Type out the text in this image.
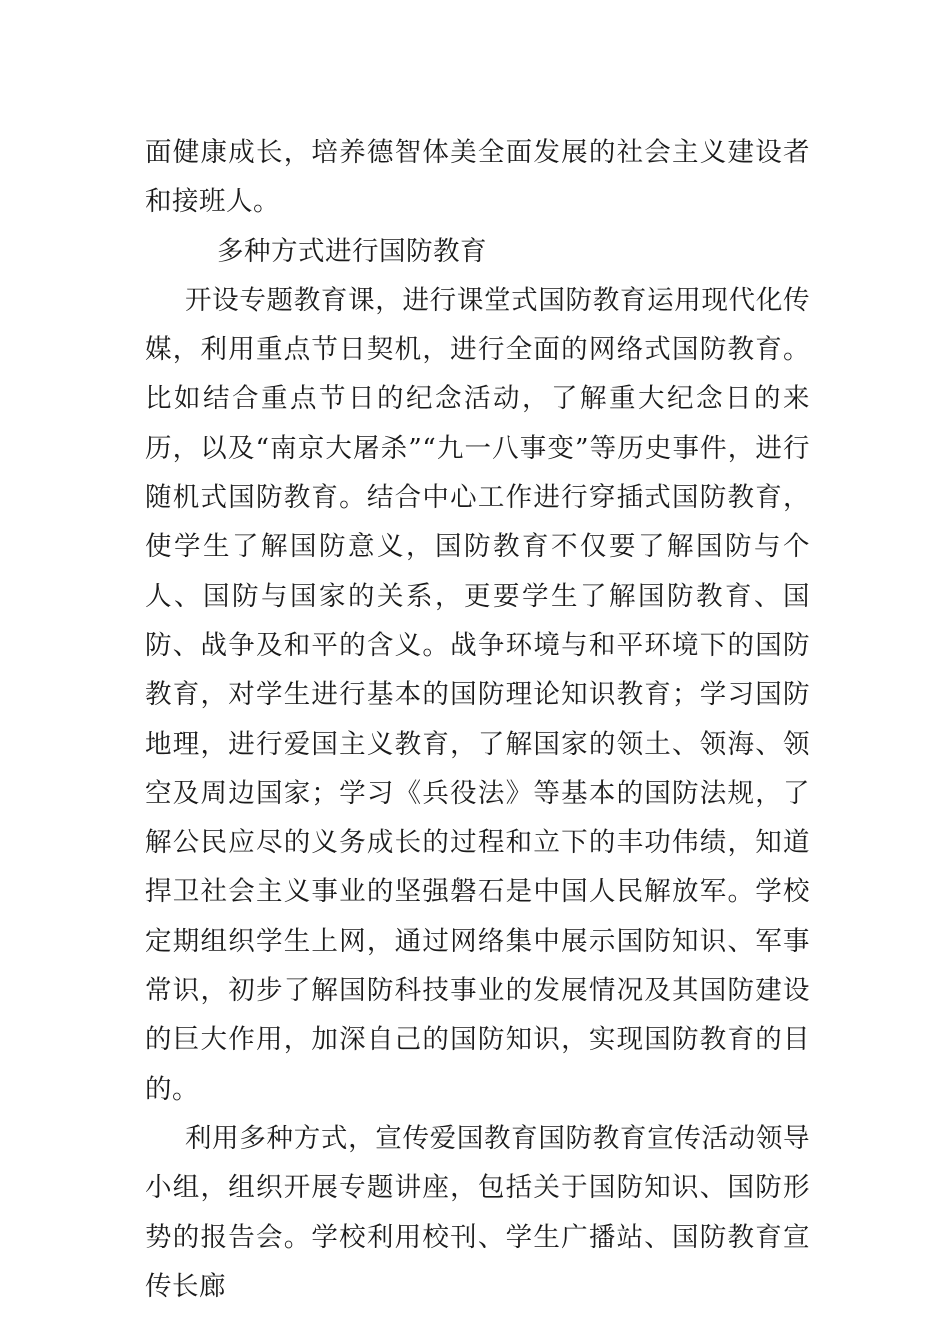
面健康成长，培养德智体美全面发展的社会主义建设者和接班人。

多种方式进行国防教育

开设专题教育课，进行课堂式国防教育运用现代化传媒，利用重点节日契机，进行全面的网络式国防教育。比如结合重点节日的纪念活动，了解重大纪念日的来历，以及“南京大屠杀”“九一八事变”等历史事件，进行随机式国防教育。结合中心工作进行穿插式国防教育，使学生了解国防意义，国防教育不仅要了解国防与个人、国防与国家的关系，更要学生了解国防教育、国防、战争及和平的含义。战争环境与和平环境下的国防教育，对学生进行基本的国防理论知识教育；学习国防地理，进行爱国主义教育，了解国家的领土、领海、领空及周边国家；学习《兵役法》等基本的国防法规，了解公民应尽的义务成长的过程和立下的丰功伟绩，知道捍卫社会主义事业的坚强磐石是中国人民解放军。学校定期组织学生上网，通过网络集中展示国防知识、军事常识，初步了解国防科技事业的发展情况及其国防建设的巨大作用，加深自己的国防知识，实现国防教育的目的。

利用多种方式，宣传爱国教育国防教育宣传活动领导小组，组织开展专题讲座，包括关于国防知识、国防形势的报告会。学校利用校刊、学生广播站、国防教育宣传长廊
